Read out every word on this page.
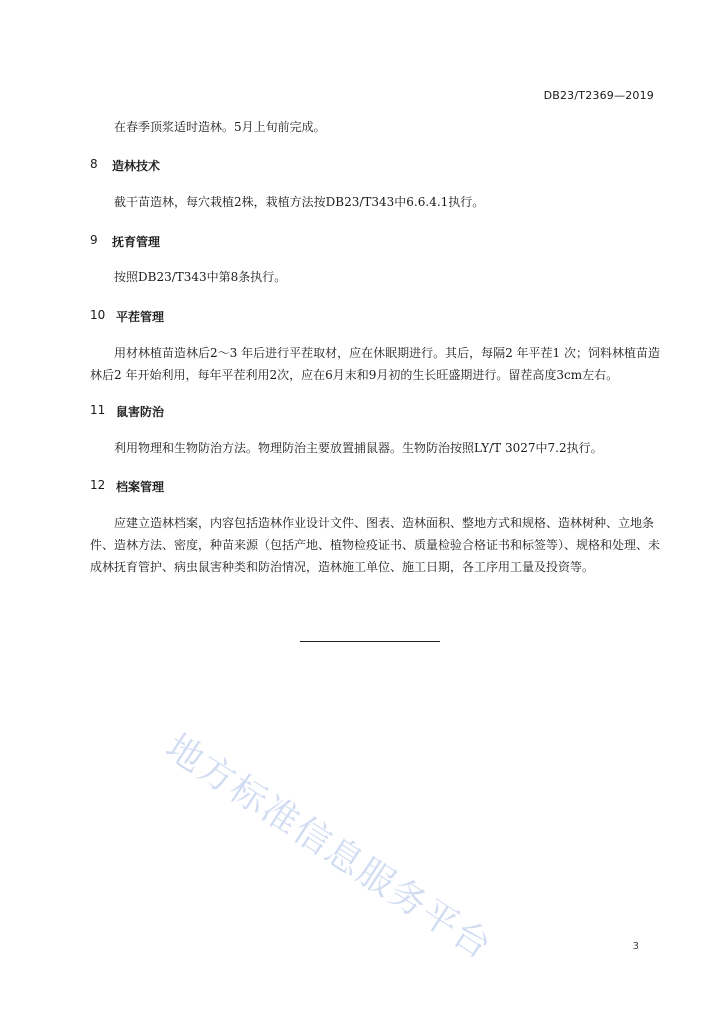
DB23/T2369—2019

在春季顶浆适时造林。5月上旬前完成。

8	造林技术

截干苗造林，每穴栽植2株，栽植方法按DB23/T343中6.6.4.1执行。

9	抚育管理

按照DB23/T343中第8条执行。

10 平茬管理

用材林植苗造林后2～3 年后进行平茬取材，应在休眠期进行。其后，每隔2 年平茬1 次；饲料林植苗造林后2 年开始利用，每年平茬利用2次，应在6月末和9月初的生长旺盛期进行。留茬高度3cm左右。

11 鼠害防治

利用物理和生物防治方法。物理防治主要放置捕鼠器。生物防治按照LY/T 3027中7.2执行。

12 档案管理

应建立造林档案，内容包括造林作业设计文件、图表、造林面积、整地方式和规格、造林树种、立地条件、造林方法、密度，种苗来源（包括产地、植物检疫证书、质量检验合格证书和标签等）、规格和处理、未成林抚育管护、病虫鼠害种类和防治情况，造林施工单位、施工日期，各工序用工量及投资等。

地方标准信息服务平台	3
